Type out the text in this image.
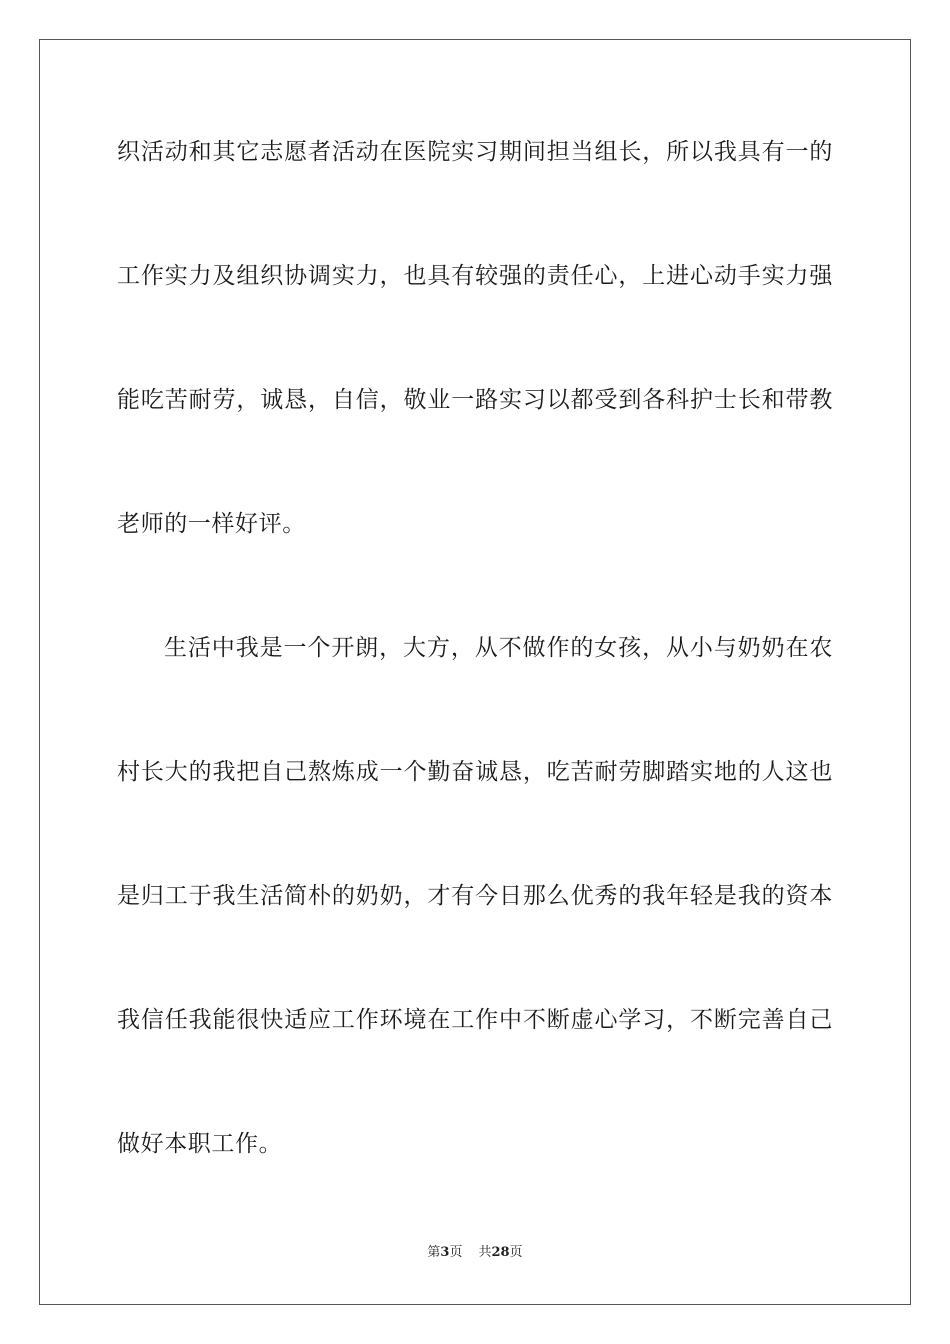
织活动和其它志愿者活动在医院实习期间担当组长，所以我具有一的
工作实力及组织协调实力，也具有较强的责任心，上进心动手实力强
能吃苦耐劳，诚恳，自信，敬业一路实习以都受到各科护士长和带教
老师的一样好评。
生活中我是一个开朗，大方，从不做作的女孩，从小与奶奶在农
村长大的我把自己熬炼成一个勤奋诚恳，吃苦耐劳脚踏实地的人这也
是归工于我生活简朴的奶奶，才有今日那么优秀的我年轻是我的资本
我信任我能很快适应工作环境在工作中不断虚心学习，不断完善自己
做好本职工作。
第3页 共28页
